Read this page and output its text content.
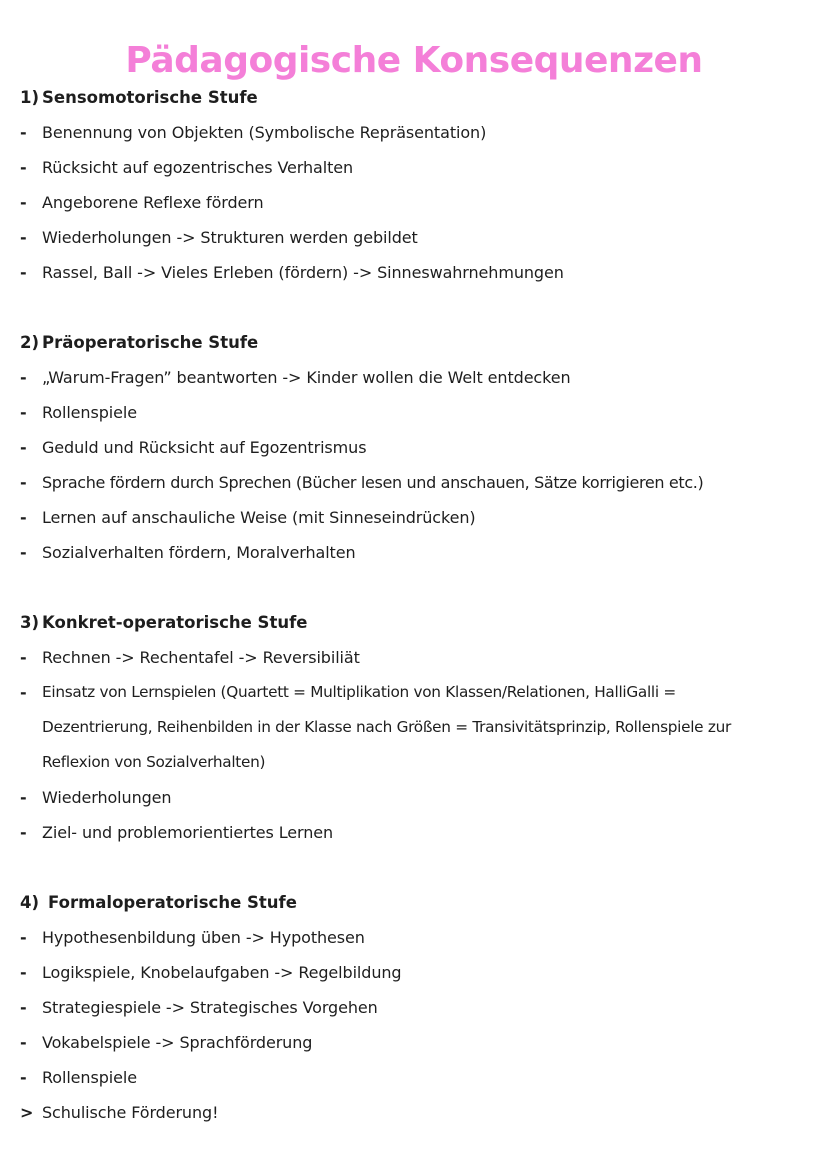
Pädagogische Konsequenzen
1) Sensomotorische Stufe
- Benennung von Objekten (Symbolische Repräsentation)
- Rücksicht auf egozentrisches Verhalten
- Angeborene Reflexe fördern
- Wiederholungen -> Strukturen werden gebildet
- Rassel, Ball -> Vieles Erleben (fördern) -> Sinneswahrnehmungen
2) Präoperatorische Stufe
- „Warum-Fragen” beantworten -> Kinder wollen die Welt entdecken
- Rollenspiele
- Geduld und Rücksicht auf Egozentrismus
- Sprache fördern durch Sprechen (Bücher lesen und anschauen, Sätze korrigieren etc.)
- Lernen auf anschauliche Weise (mit Sinneseindrücken)
- Sozialverhalten fördern, Moralverhalten
3) Konkret-operatorische Stufe
- Rechnen -> Rechentafel -> Reversibiliät
-	Einsatz von Lernspielen (Quartett = Multiplikation von Klassen/Relationen, HalliGalli =
Dezentrierung, Reihenbilden in der Klasse nach Größen = Transivitätsprinzip, Rollenspiele zur
Reflexion von Sozialverhalten)
- Wiederholungen
- Ziel- und problemorientiertes Lernen
4) Formaloperatorische Stufe
- Hypothesenbildung üben -> Hypothesen
- Logikspiele, Knobelaufgaben -> Regelbildung
- Strategiespiele -> Strategisches Vorgehen
- Vokabelspiele -> Sprachförderung
- Rollenspiele
> Schulische Förderung!
